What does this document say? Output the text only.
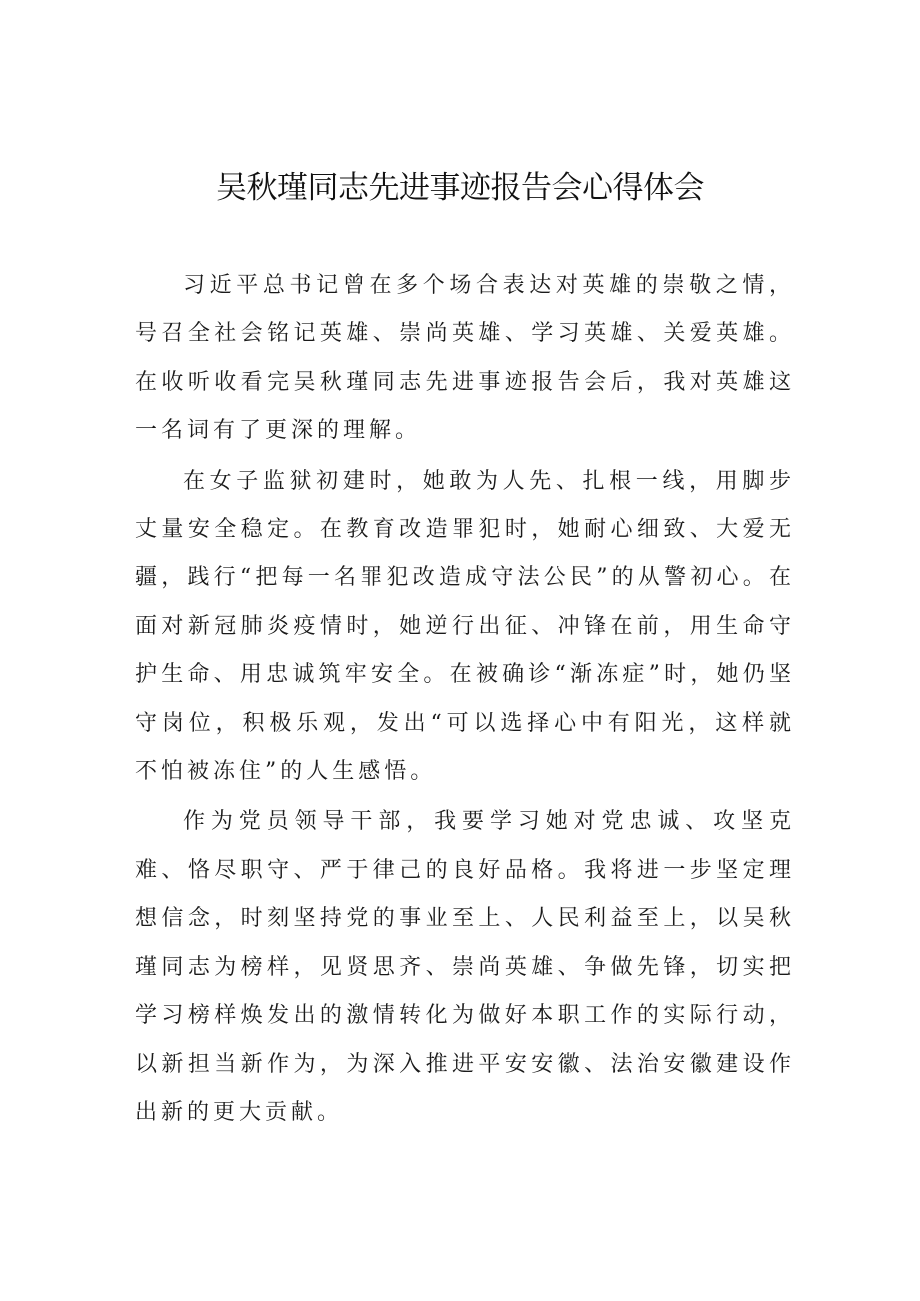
吴秋瑾同志先进事迹报告会心得体会

习近平总书记曾在多个场合表达对英雄的崇敬之情，号召全社会铭记英雄、崇尚英雄、学习英雄、关爱英雄。在收听收看完吴秋瑾同志先进事迹报告会后，我对英雄这一名词有了更深的理解。

在女子监狱初建时，她敢为人先、扎根一线，用脚步丈量安全稳定。在教育改造罪犯时，她耐心细致、大爱无疆，践行“把每一名罪犯改造成守法公民”的从警初心。在面对新冠肺炎疫情时，她逆行出征、冲锋在前，用生命守护生命、用忠诚筑牢安全。在被确诊“渐冻症”时，她仍坚守岗位，积极乐观，发出“可以选择心中有阳光，这样就不怕被冻住”的人生感悟。

作为党员领导干部，我要学习她对党忠诚、攻坚克难、恪尽职守、严于律己的良好品格。我将进一步坚定理想信念，时刻坚持党的事业至上、人民利益至上，以吴秋瑾同志为榜样，见贤思齐、崇尚英雄、争做先锋，切实把学习榜样焕发出的激情转化为做好本职工作的实际行动，以新担当新作为，为深入推进平安安徽、法治安徽建设作出新的更大贡献。
